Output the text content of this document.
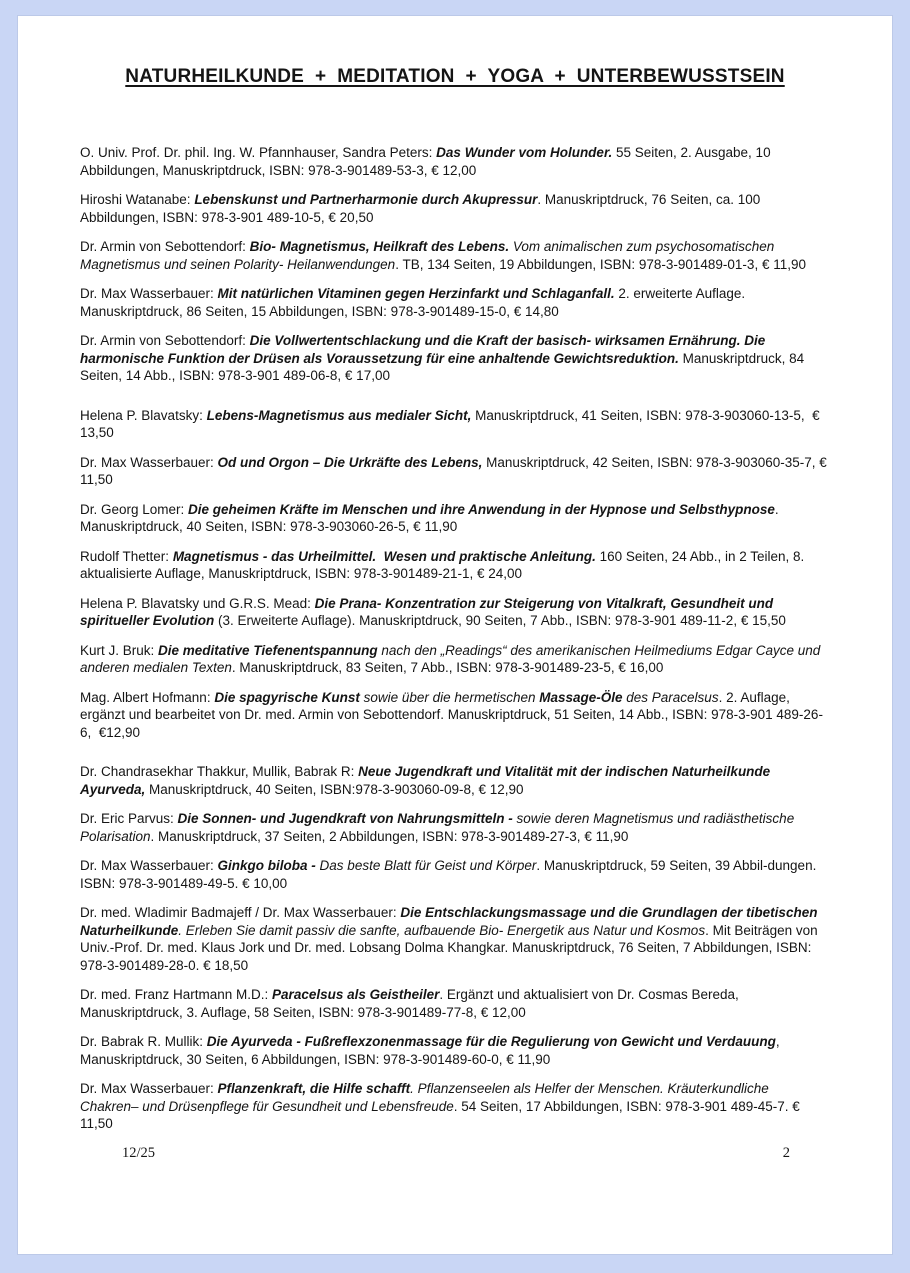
NATURHEILKUNDE  +  MEDITATION  +  YOGA  +  UNTERBEWUSSTSEIN

O. Univ. Prof. Dr. phil. Ing. W. Pfannhauser, Sandra Peters: Das Wunder vom Holunder. 55 Seiten, 2. Ausgabe, 10 Abbildungen, Manuskriptdruck, ISBN: 978-3-901489-53-3, € 12,00

Hiroshi Watanabe: Lebenskunst und Partnerharmonie durch Akupressur. Manuskriptdruck, 76 Seiten, ca. 100 Abbildungen, ISBN: 978-3-901 489-10-5, € 20,50

Dr. Armin von Sebottendorf: Bio- Magnetismus, Heilkraft des Lebens. Vom animalischen zum psychosomatischen Magnetismus und seinen Polarity- Heilanwendungen. TB, 134 Seiten, 19 Abbildungen, ISBN: 978-3-901489-01-3, € 11,90

Dr. Max Wasserbauer: Mit natürlichen Vitaminen gegen Herzinfarkt und Schlaganfall. 2. erweiterte Auflage. Manuskriptdruck, 86 Seiten, 15 Abbildungen, ISBN: 978-3-901489-15-0, € 14,80

Dr. Armin von Sebottendorf: Die Vollwertentschlackung und die Kraft der basisch- wirksamen Ernährung. Die harmonische Funktion der Drüsen als Voraussetzung für eine anhaltende Gewichtsreduktion. Manuskriptdruck, 84 Seiten, 14 Abb., ISBN: 978-3-901 489-06-8, € 17,00

Helena P. Blavatsky: Lebens-Magnetismus aus medialer Sicht, Manuskriptdruck, 41 Seiten, ISBN: 978-3-903060-13-5,  € 13,50

Dr. Max Wasserbauer: Od und Orgon – Die Urkräfte des Lebens, Manuskriptdruck, 42 Seiten, ISBN: 978-3-903060-35-7, € 11,50

Dr. Georg Lomer: Die geheimen Kräfte im Menschen und ihre Anwendung in der Hypnose und Selbsthypnose. Manuskriptdruck, 40 Seiten, ISBN: 978-3-903060-26-5, € 11,90

Rudolf Thetter: Magnetismus - das Urheilmittel.  Wesen und praktische Anleitung. 160 Seiten, 24 Abb., in 2 Teilen, 8. aktualisierte Auflage, Manuskriptdruck, ISBN: 978-3-901489-21-1, € 24,00

Helena P. Blavatsky und G.R.S. Mead: Die Prana- Konzentration zur Steigerung von Vitalkraft, Gesundheit und spiritueller Evolution (3. Erweiterte Auflage). Manuskriptdruck, 90 Seiten, 7 Abb., ISBN: 978-3-901 489-11-2, € 15,50

Kurt J. Bruk: Die meditative Tiefenentspannung nach den „Readings“ des amerikanischen Heilmediums Edgar Cayce und anderen medialen Texten. Manuskriptdruck, 83 Seiten, 7 Abb., ISBN: 978-3-901489-23-5, € 16,00

Mag. Albert Hofmann: Die spagyrische Kunst sowie über die hermetischen Massage-Öle des Paracelsus. 2. Auflage, ergänzt und bearbeitet von Dr. med. Armin von Sebottendorf. Manuskriptdruck, 51 Seiten, 14 Abb., ISBN: 978-3-901 489-26-6,  €12,90

Dr. Chandrasekhar Thakkur, Mullik, Babrak R: Neue Jugendkraft und Vitalität mit der indischen Naturheilkunde Ayurveda, Manuskriptdruck, 40 Seiten, ISBN:978-3-903060-09-8, € 12,90

Dr. Eric Parvus: Die Sonnen- und Jugendkraft von Nahrungsmitteln - sowie deren Magnetismus und radiästhetische Polarisation. Manuskriptdruck, 37 Seiten, 2 Abbildungen, ISBN: 978-3-901489-27-3, € 11,90

Dr. Max Wasserbauer: Ginkgo biloba - Das beste Blatt für Geist und Körper. Manuskriptdruck, 59 Seiten, 39 Abbil-dungen. ISBN: 978-3-901489-49-5. € 10,00

Dr. med. Wladimir Badmajeff / Dr. Max Wasserbauer: Die Entschlackungsmassage und die Grundlagen der tibetischen Naturheilkunde. Erleben Sie damit passiv die sanfte, aufbauende Bio- Energetik aus Natur und Kosmos. Mit Beiträgen von Univ.-Prof. Dr. med. Klaus Jork und Dr. med. Lobsang Dolma Khangkar. Manuskriptdruck, 76 Seiten, 7 Abbildungen, ISBN: 978-3-901489-28-0. € 18,50

Dr. med. Franz Hartmann M.D.: Paracelsus als Geistheiler. Ergänzt und aktualisiert von Dr. Cosmas Bereda, Manuskriptdruck, 3. Auflage, 58 Seiten, ISBN: 978-3-901489-77-8, € 12,00

Dr. Babrak R. Mullik: Die Ayurveda - Fußreflexzonenmassage für die Regulierung von Gewicht und Verdauung, Manuskriptdruck, 30 Seiten, 6 Abbildungen, ISBN: 978-3-901489-60-0, € 11,90

Dr. Max Wasserbauer: Pflanzenkraft, die Hilfe schafft. Pflanzenseelen als Helfer der Menschen. Kräuterkundliche Chakren– und Drüsenpflege für Gesundheit und Lebensfreude. 54 Seiten, 17 Abbildungen, ISBN: 978-3-901 489-45-7. € 11,50

12/25	2
